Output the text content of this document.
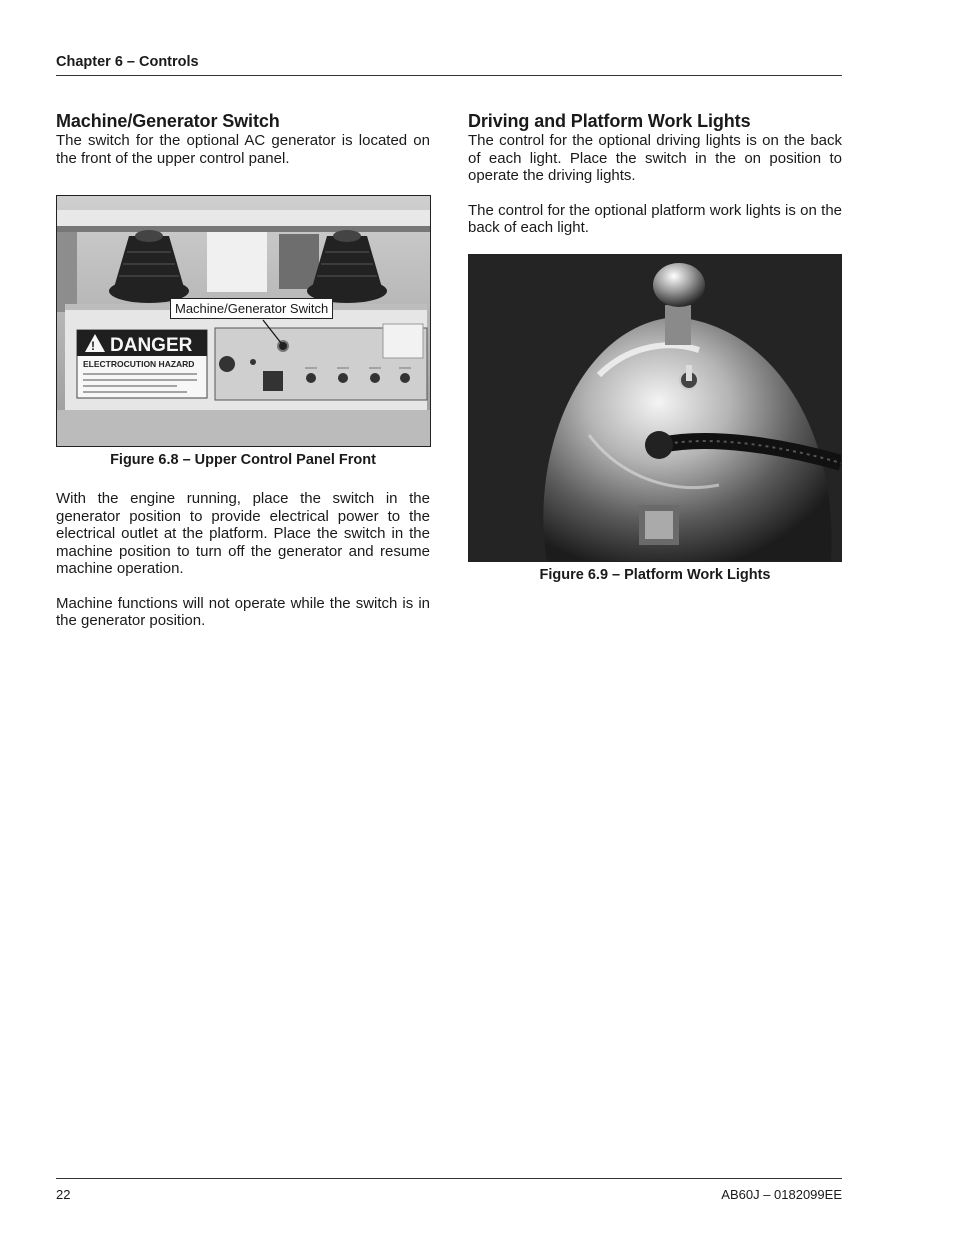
Chapter 6 – Controls
Machine/Generator Switch

The switch for the optional AC generator is located on the front of the upper control panel.

! DANGER
ELECTROCUTION HAZARD
Machine/Generator Switch
Figure 6.8 – Upper Control Panel Front

With the engine running, place the switch in the generator position to provide electrical power to the electrical outlet at the platform. Place the switch in the machine position to turn off the generator and resume machine operation.

Machine functions will not operate while the switch is in the generator position.

Driving and Platform Work Lights

The control for the optional driving lights is on the back of each light. Place the switch in the on position to operate the driving lights.

The control for the optional platform work lights is on the back of each light.

Figure 6.9 – Platform Work Lights
22	AB60J – 0182099EE
